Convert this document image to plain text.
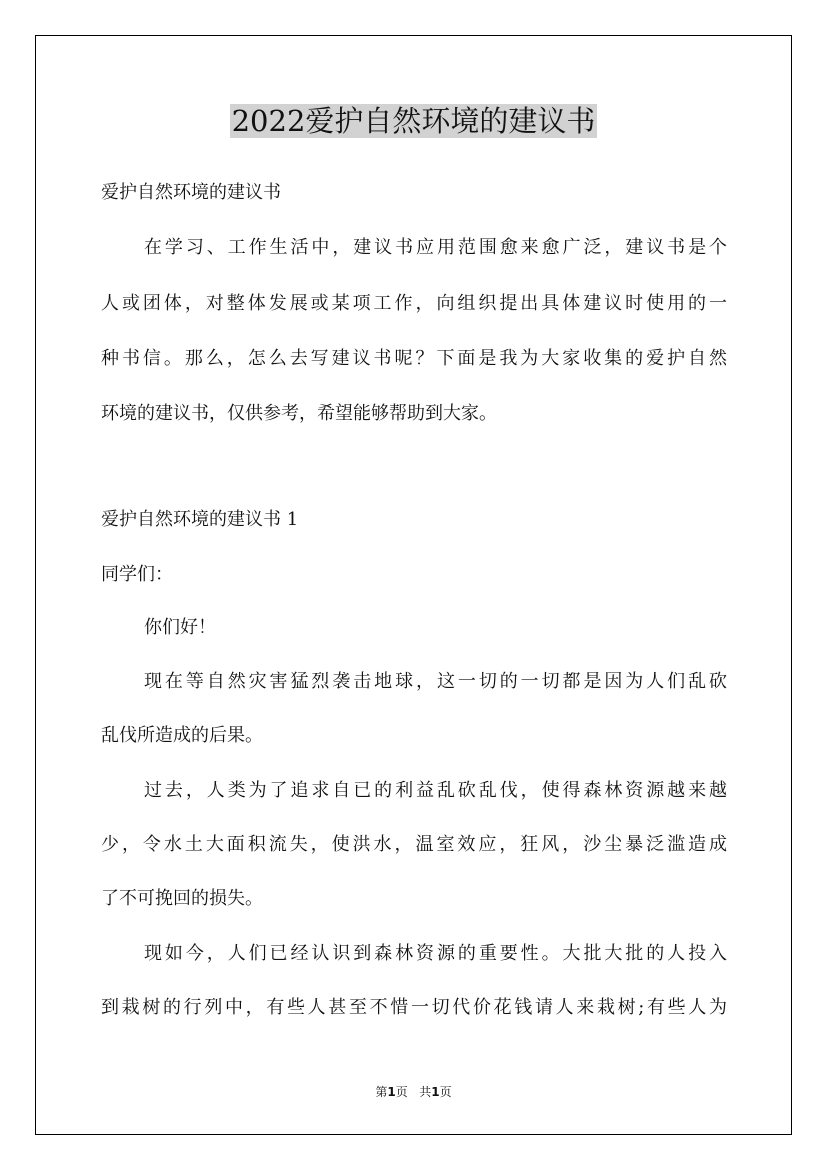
2022爱护自然环境的建议书
爱护自然环境的建议书
在学习、工作生活中，建议书应用范围愈来愈广泛，建议书是个
人或团体，对整体发展或某项工作，向组织提出具体建议时使用的一
种书信。那么，怎么去写建议书呢？下面是我为大家收集的爱护自然
环境的建议书，仅供参考，希望能够帮助到大家。
爱护自然环境的建议书 1
同学们：
你们好！
现在等自然灾害猛烈袭击地球，这一切的一切都是因为人们乱砍
乱伐所造成的后果。
过去，人类为了追求自已的利益乱砍乱伐，使得森林资源越来越
少，令水土大面积流失，使洪水，温室效应，狂风，沙尘暴泛滥造成
了不可挽回的损失。
现如今，人们已经认识到森林资源的重要性。大批大批的人投入
到栽树的行列中，有些人甚至不惜一切代价花钱请人来栽树;有些人为
第1页   共1页
